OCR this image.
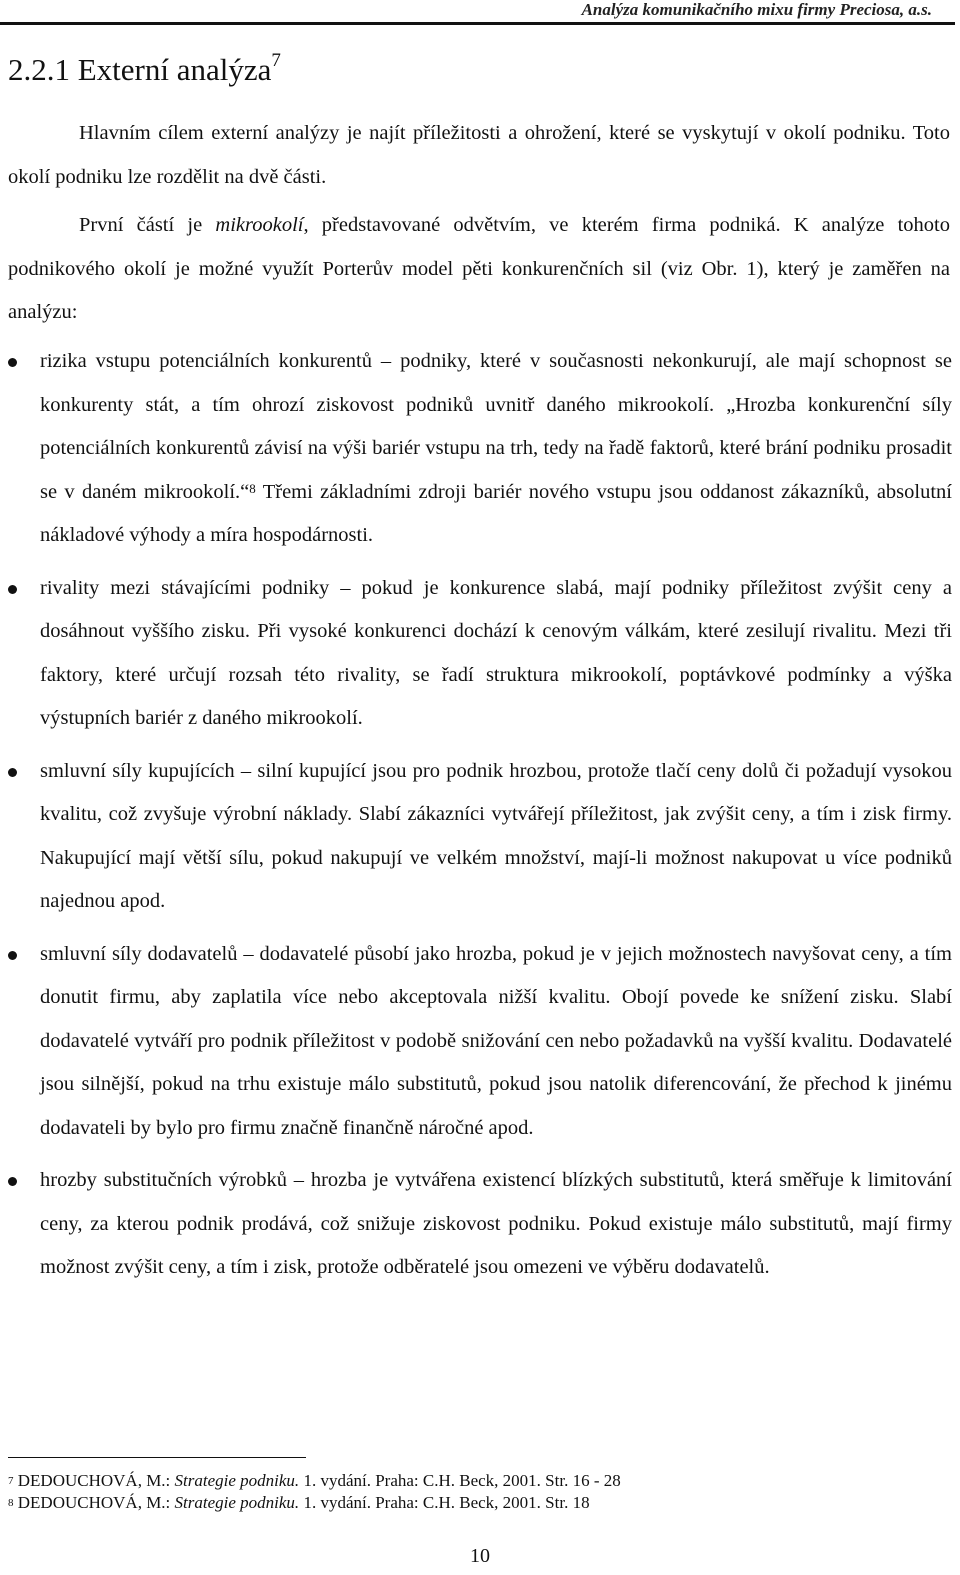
Analýza komunikačního mixu firmy Preciosa, a.s.
2.2.1 Externí analýza$^7$

Hlavním cílem externí analýzy je najít příležitosti a ohrožení, které se vyskytují v okolí podniku. Toto okolí podniku lze rozdělit na dvě části.

První částí je mikrookolí, představované odvětvím, ve kterém firma podniká. K analýze tohoto podnikového okolí je možné využít Porterův model pěti konkurenčních sil (viz Obr. 1), který je zaměřen na analýzu:

rizika vstupu potenciálních konkurentů – podniky, které v současnosti nekonkurují, ale mají schopnost se konkurenty stát, a tím ohrozí ziskovost podniků uvnitř daného mikrookolí. „Hrozba konkurenční síly potenciálních konkurentů závisí na výši bariér vstupu na trh, tedy na řadě faktorů, které brání podniku prosadit se v daném mikrookolí.“$^8$ Třemi základními zdroji bariér nového vstupu jsou oddanost zákazníků, absolutní nákladové výhody a míra hospodárnosti.
rivality mezi stávajícími podniky – pokud je konkurence slabá, mají podniky příležitost zvýšit ceny a dosáhnout vyššího zisku. Při vysoké konkurenci dochází k cenovým válkám, které zesilují rivalitu. Mezi tři faktory, které určují rozsah této rivality, se řadí struktura mikrookolí, poptávkové podmínky a výška výstupních bariér z daného mikrookolí.
smluvní síly kupujících – silní kupující jsou pro podnik hrozbou, protože tlačí ceny dolů či požadují vysokou kvalitu, což zvyšuje výrobní náklady. Slabí zákazníci vytvářejí příležitost, jak zvýšit ceny, a tím i zisk firmy. Nakupující mají větší sílu, pokud nakupují ve velkém množství, mají-li možnost nakupovat u více podniků najednou apod.
smluvní síly dodavatelů – dodavatelé působí jako hrozba, pokud je v jejich možnostech navyšovat ceny, a tím donutit firmu, aby zaplatila více nebo akceptovala nižší kvalitu. Obojí povede ke snížení zisku. Slabí dodavatelé vytváří pro podnik příležitost v podobě snižování cen nebo požadavků na vyšší kvalitu. Dodavatelé jsou silnější, pokud na trhu existuje málo substitutů, pokud jsou natolik diferencování, že přechod k jinému dodavateli by bylo pro firmu značně finančně náročné apod.
hrozby substitučních výrobků – hrozba je vytvářena existencí blízkých substitutů, která směřuje k limitování ceny, za kterou podnik prodává, což snižuje ziskovost podniku. Pokud existuje málo substitutů, mají firmy možnost zvýšit ceny, a tím i zisk, protože odběratelé jsou omezeni ve výběru dodavatelů.
$^7$ DEDOUCHOVÁ, M.: Strategie podniku. 1. vydání. Praha: C.H. Beck, 2001. Str. 16 - 28
$^8$ DEDOUCHOVÁ, M.: Strategie podniku. 1. vydání. Praha: C.H. Beck, 2001. Str. 18
10
